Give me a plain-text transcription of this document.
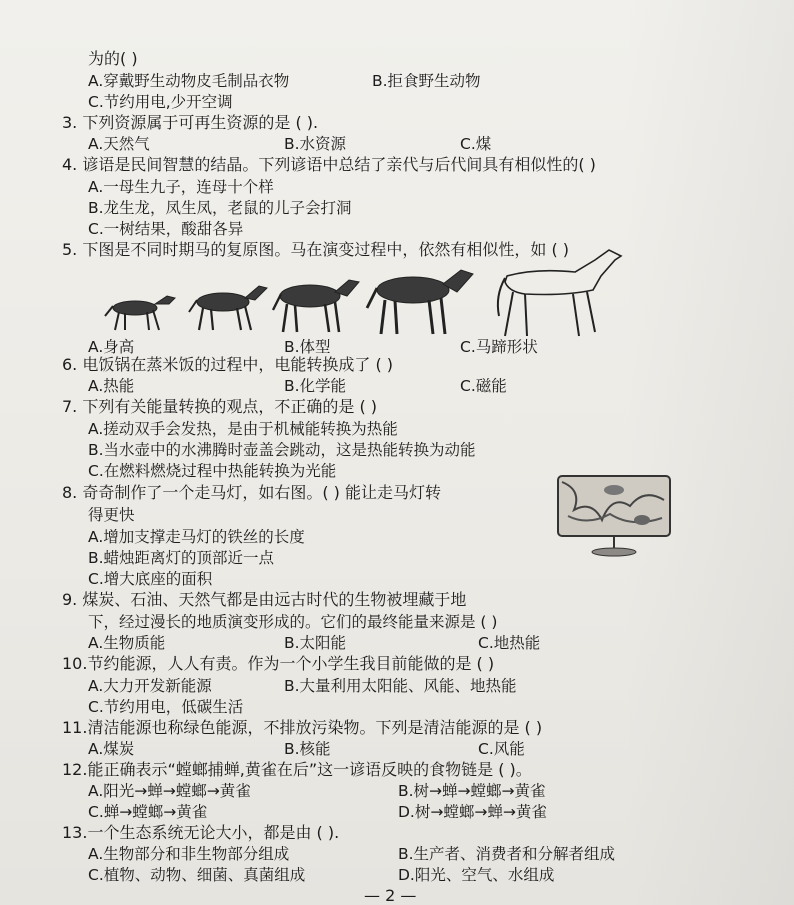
为的( )
A.穿戴野生动物皮毛制品衣物	B.拒食野生动物
C.节约用电,少开空调
3. 下列资源属于可再生资源的是 ( ).
A.天然气	B.水资源	C.煤
4. 谚语是民间智慧的结晶。下列谚语中总结了亲代与后代间具有相似性的( )
A.一母生九子，连母十个样
B.龙生龙，凤生凤，老鼠的儿子会打洞
C.一树结果，酸甜各异
5. 下图是不同时期马的复原图。马在演变过程中，依然有相似性，如 ( )
A.身高	B.体型	C.马蹄形状
6. 电饭锅在蒸米饭的过程中，电能转换成了 ( )
A.热能	B.化学能	C.磁能
7. 下列有关能量转换的观点，不正确的是 ( )
A.搓动双手会发热，是由于机械能转换为热能
B.当水壶中的水沸腾时壶盖会跳动，这是热能转换为动能
C.在燃料燃烧过程中热能转换为光能
8. 奇奇制作了一个走马灯，如右图。( ) 能让走马灯转
得更快
A.增加支撑走马灯的铁丝的长度
B.蜡烛距离灯的顶部近一点
C.增大底座的面积
9. 煤炭、石油、天然气都是由远古时代的生物被埋藏于地
下，经过漫长的地质演变形成的。它们的最终能量来源是 ( )
A.生物质能	B.太阳能	C.地热能
10.节约能源，人人有责。作为一个小学生我目前能做的是 ( )
A.大力开发新能源	B.大量利用太阳能、风能、地热能
C.节约用电，低碳生活
11.清洁能源也称绿色能源，不排放污染物。下列是清洁能源的是 ( )
A.煤炭	B.核能	C.风能
12.能正确表示“螳螂捕蝉,黄雀在后”这一谚语反映的食物链是 ( )。
A.阳光→蝉→螳螂→黄雀	B.树→蝉→螳螂→黄雀
C.蝉→螳螂→黄雀	D.树→螳螂→蝉→黄雀
13.一个生态系统无论大小，都是由 ( ).
A.生物部分和非生物部分组成	B.生产者、消费者和分解者组成
C.植物、动物、细菌、真菌组成	D.阳光、空气、水组成
— 2 —
